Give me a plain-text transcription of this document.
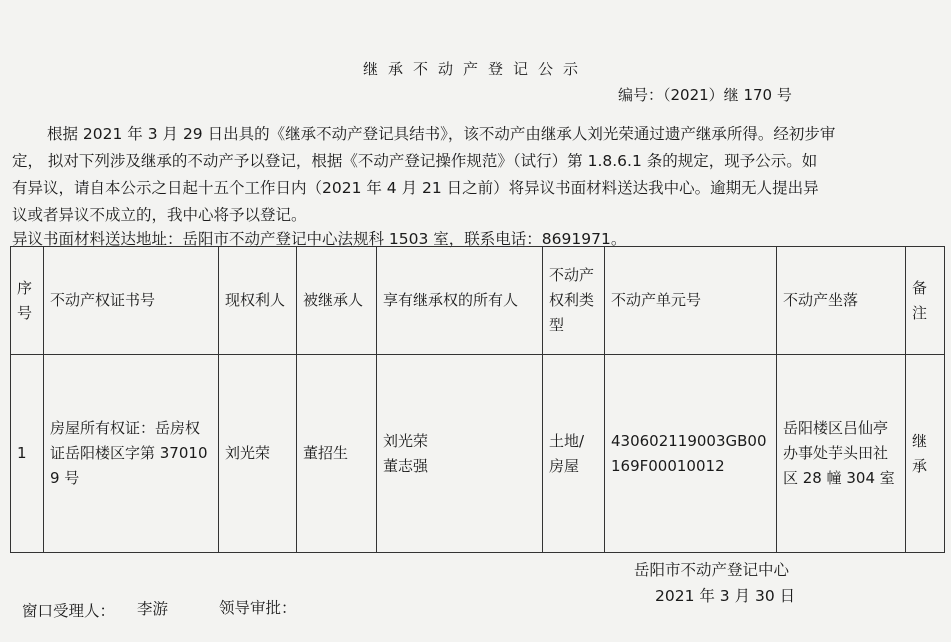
继承不动产登记公示
编号：（2021）继 170 号
根据 2021 年 3 月 29 日出具的《继承不动产登记具结书》，该不动产由继承人刘光荣通过遗产继承所得。经初步审
定， 拟对下列涉及继承的不动产予以登记，根据《不动产登记操作规范》（试行）第 1.8.6.1 条的规定，现予公示。如
有异议，请自本公示之日起十五个工作日内（2021 年 4 月 21 日之前）将异议书面材料送达我中心。逾期无人提出异
议或者异议不成立的，我中心将予以登记。
异议书面材料送达地址：岳阳市不动产登记中心法规科 1503 室，联系电话：8691971。
序号	不动产权证书号	现权利人	被继承人	享有继承权的所有人	不动产权利类型	不动产单元号	不动产坐落	备注
1	房屋所有权证：岳房权证岳阳楼区字第 370109 号	刘光荣	董招生	刘光荣
董志强	土地/房屋	430602119003GB00169F00010012	岳阳楼区吕仙亭办事处芋头田社区 28 幢 304 室	继承
岳阳市不动产登记中心
2021 年 3 月 30 日
窗口受理人： 李游	领导审批：
